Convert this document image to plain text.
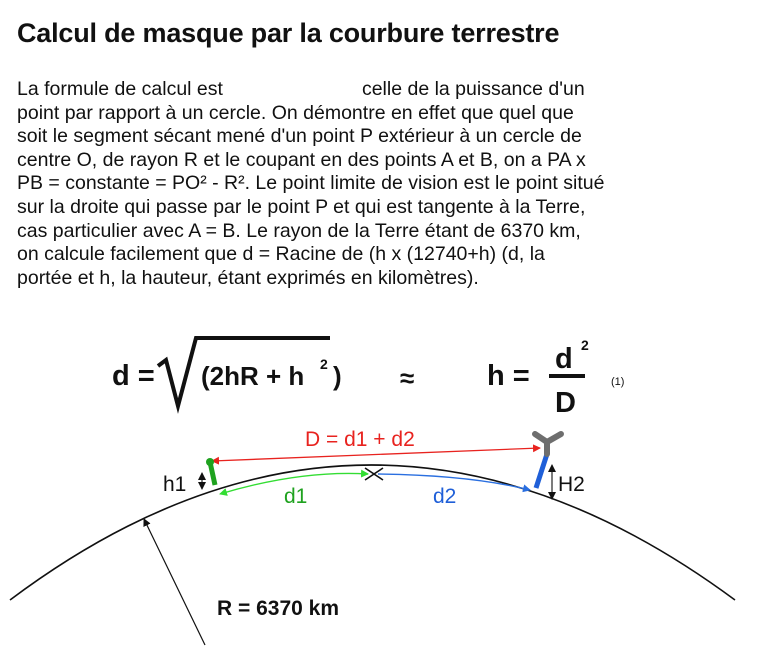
Calcul de masque par la courbure terrestre
La formule de calcul est	celle de la puissance d'un
point par rapport à un cercle. On démontre en effet que quel que
soit le segment sécant mené d'un point P extérieur à un cercle de
centre O, de rayon R et le coupant en des points A et B, on a PA x
PB = constante = PO² - R². Le point limite de vision est le point situé
sur la droite qui passe par le point P et qui est tangente à la Terre,
cas particulier avec A = B. Le rayon de la Terre étant de 6370 km,
on calcule facilement que d = Racine de (h x (12740+h) (d, la
portée et h, la hauteur, étant exprimés en kilomètres).
d = (2hR + h 2 ) ≈	h =
d 2
D
(1)
D = d1 + d2
h1	H2
d1	d2
R = 6370 km
